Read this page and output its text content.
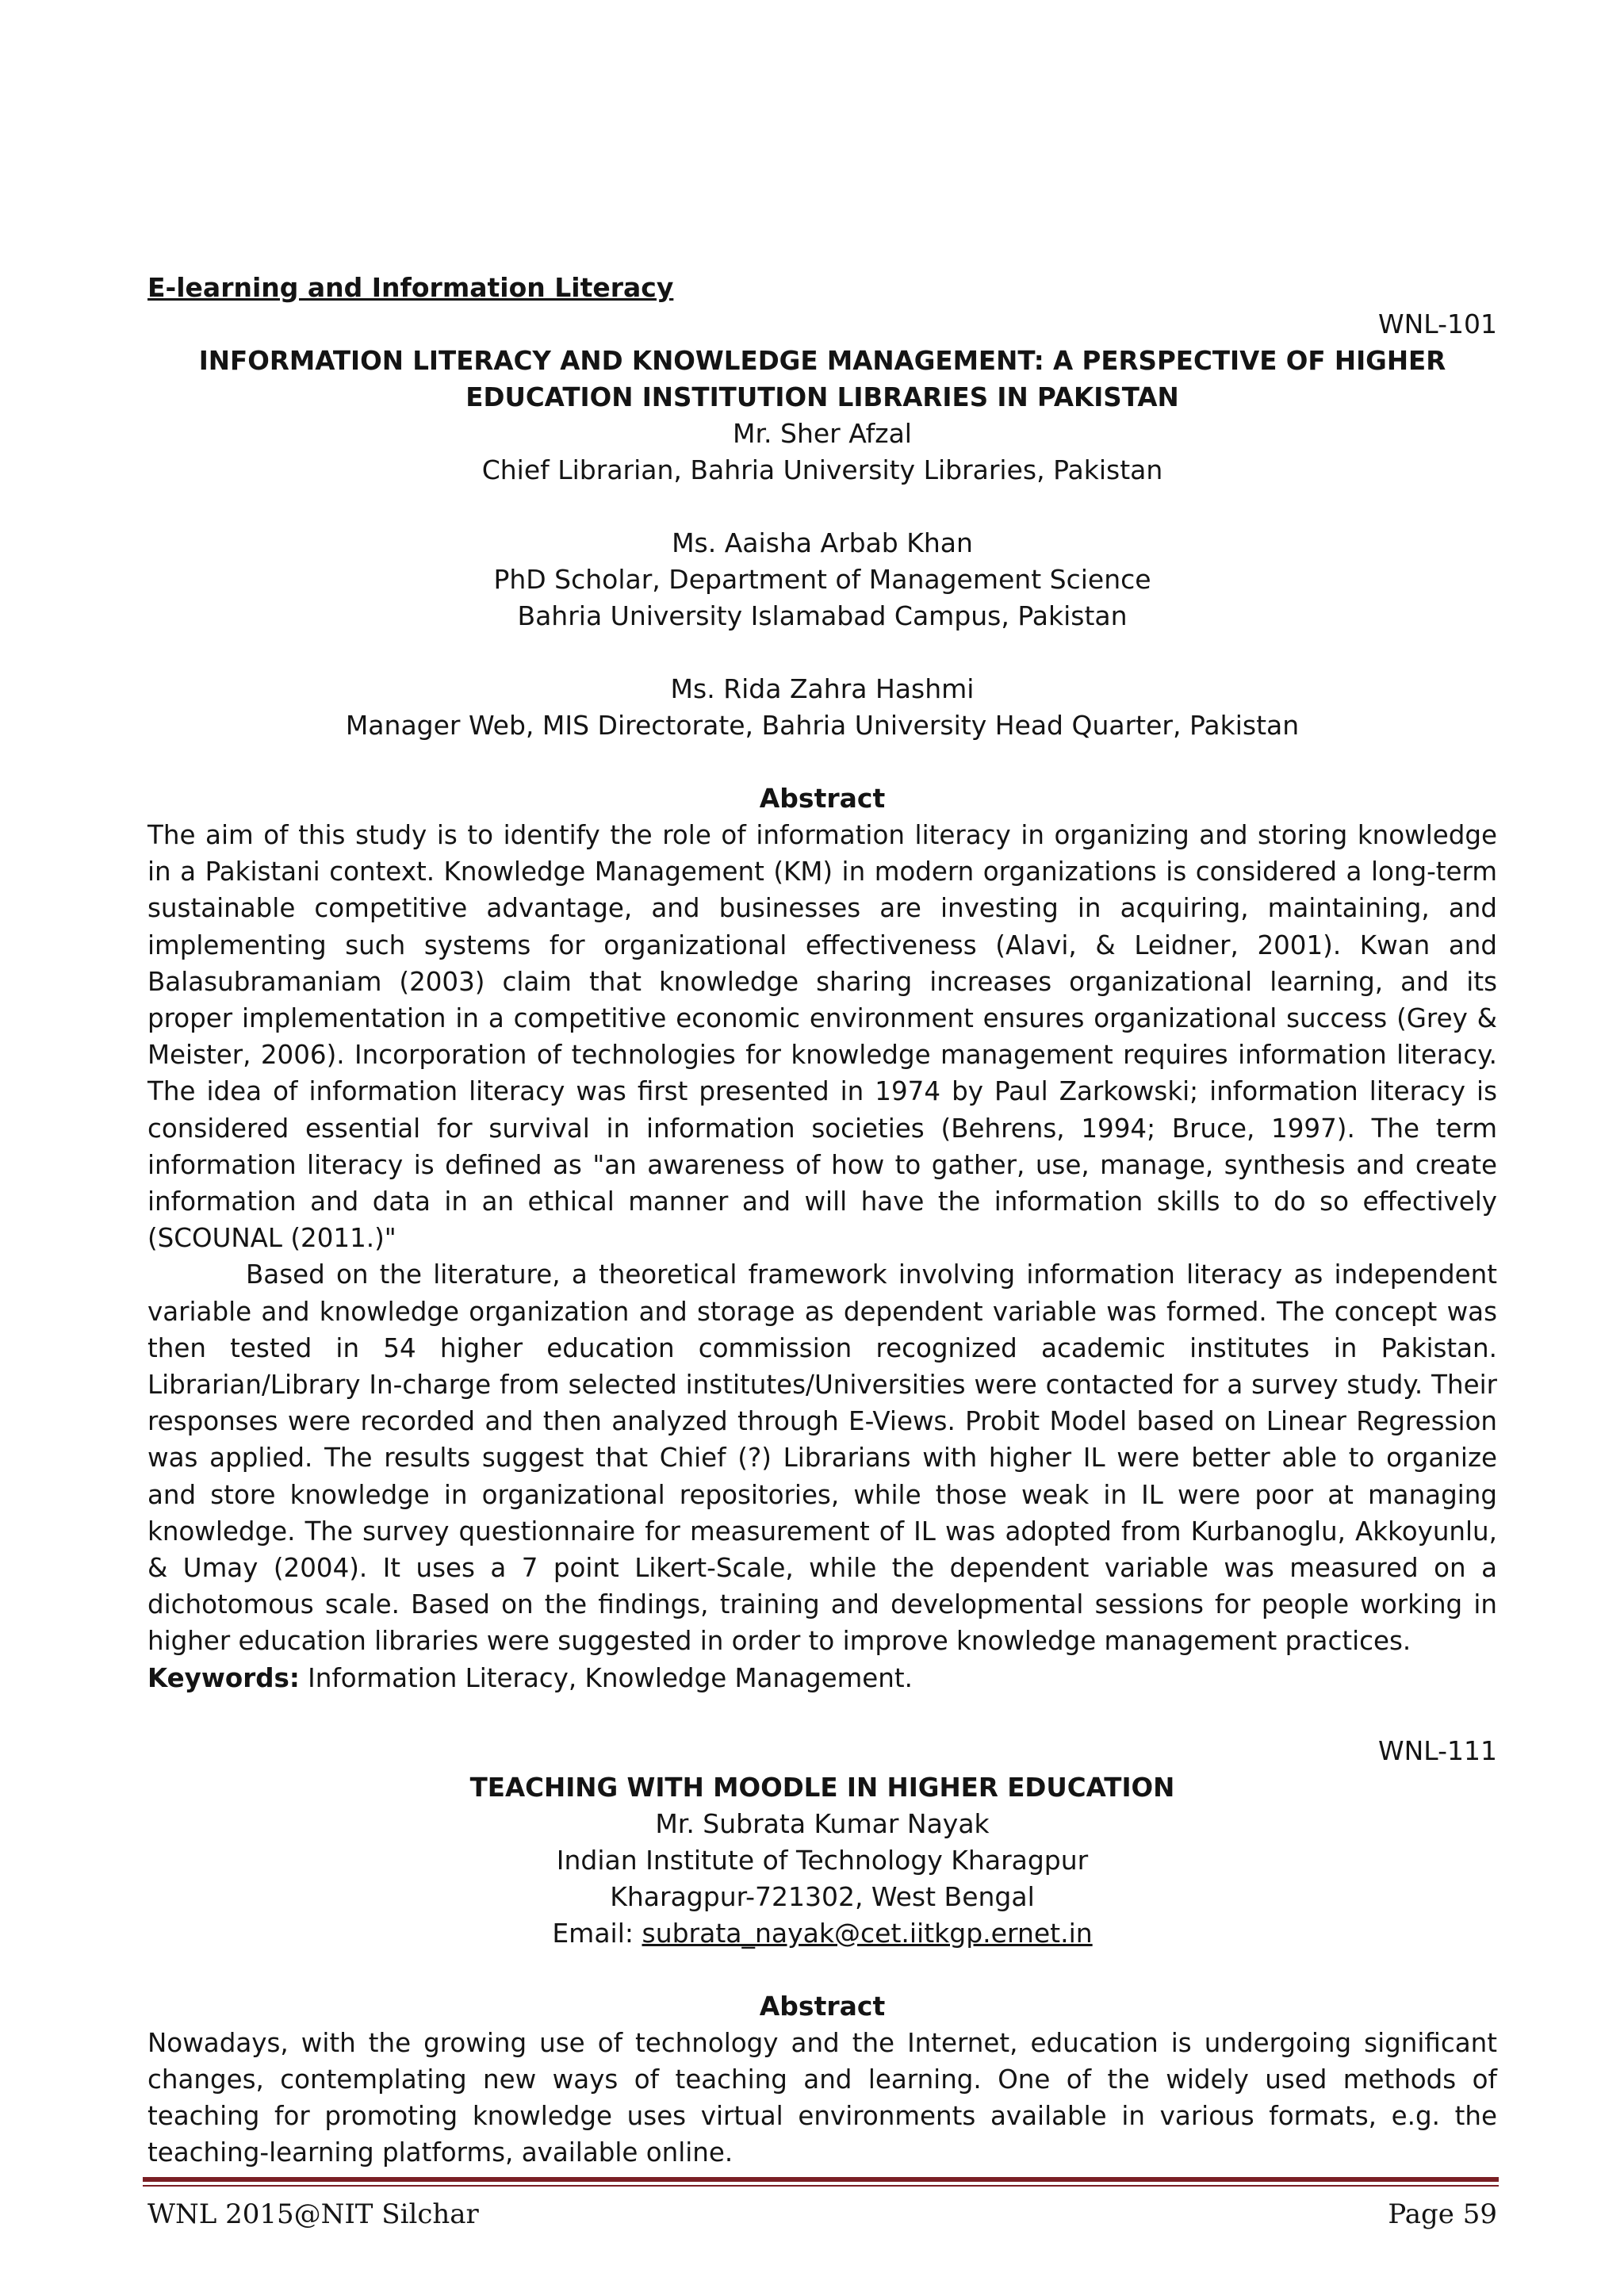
E-learning and Information Literacy
WNL-101
INFORMATION LITERACY AND KNOWLEDGE MANAGEMENT: A PERSPECTIVE OF HIGHER
EDUCATION INSTITUTION LIBRARIES IN PAKISTAN
Mr. Sher Afzal
Chief Librarian, Bahria University Libraries, Pakistan
Ms. Aaisha Arbab Khan
PhD Scholar, Department of Management Science
Bahria University Islamabad Campus, Pakistan
Ms. Rida Zahra Hashmi
Manager Web, MIS Directorate, Bahria University Head Quarter, Pakistan
Abstract

The aim of this study is to identify the role of information literacy in organizing and storing knowledge in a Pakistani context. Knowledge Management (KM) in modern organizations is considered a long-term sustainable competitive advantage, and businesses are investing in acquiring, maintaining, and implementing such systems for organizational effectiveness (Alavi, & Leidner, 2001). Kwan and Balasubramaniam (2003) claim that knowledge sharing increases organizational learning, and its proper implementation in a competitive economic environment ensures organizational success (Grey & Meister, 2006). Incorporation of technologies for knowledge management requires information literacy. The idea of information literacy was first presented in 1974 by Paul Zarkowski; information literacy is considered essential for survival in information societies (Behrens, 1994; Bruce, 1997). The term information literacy is defined as "an awareness of how to gather, use, manage, synthesis and create information and data in an ethical manner and will have the information skills to do so effectively (SCOUNAL (2011.)"

Based on the literature, a theoretical framework involving information literacy as independent variable and knowledge organization and storage as dependent variable was formed. The concept was then tested in 54 higher education commission recognized academic institutes in Pakistan. Librarian/Library In-charge from selected institutes/Universities were contacted for a survey study. Their responses were recorded and then analyzed through E-Views. Probit Model based on Linear Regression was applied. The results suggest that Chief (?) Librarians with higher IL were better able to organize and store knowledge in organizational repositories, while those weak in IL were poor at managing knowledge. The survey questionnaire for measurement of IL was adopted from Kurbanoglu, Akkoyunlu, & Umay (2004). It uses a 7 point Likert-Scale, while the dependent variable was measured on a dichotomous scale. Based on the findings, training and developmental sessions for people working in higher education libraries were suggested in order to improve knowledge management practices.

Keywords: Information Literacy, Knowledge Management.

WNL-111
TEACHING WITH MOODLE IN HIGHER EDUCATION
Mr. Subrata Kumar Nayak
Indian Institute of Technology Kharagpur
Kharagpur-721302, West Bengal
Email: subrata_nayak@cet.iitkgp.ernet.in
Abstract

Nowadays, with the growing use of technology and the Internet, education is undergoing significant changes, contemplating new ways of teaching and learning. One of the widely used methods of teaching for promoting knowledge uses virtual environments available in various formats, e.g. the teaching-learning platforms, available online.

WNL 2015@NIT Silchar	Page 59
